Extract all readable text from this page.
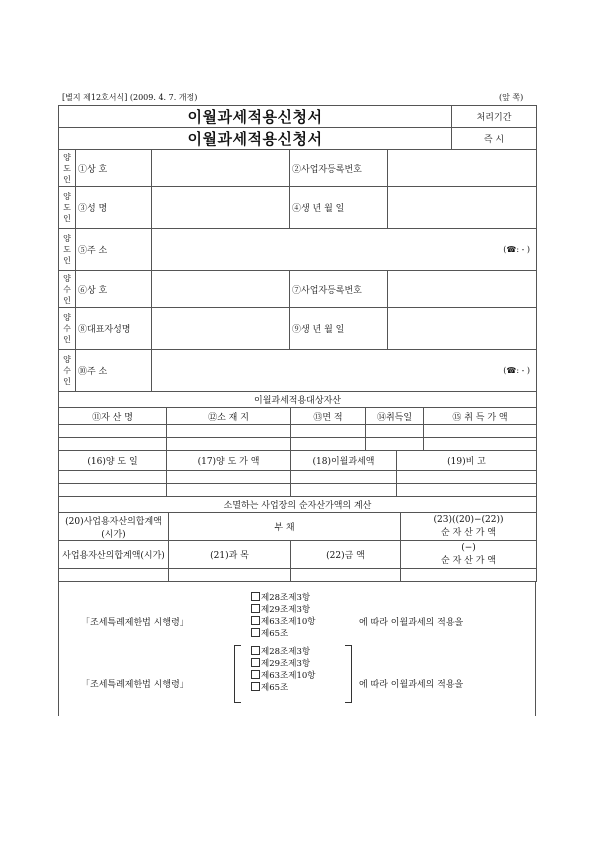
[별지 제12호서식] (2009. 4. 7. 개정)	(앞 쪽)
이월과세적용신청서	처리기간
이월과세적용신청서	즉 시
양
도
인	①상 호		②사업자등록번호	
양
도
인	③성 명		④생 년 월 일	
양
도
인	⑤주 소	(☎: - )		
양
수
인	⑥상 호		⑦사업자등록번호	
양
수
인	⑧대표자성명		⑨생 년 월 일	
양
수
인	⑩주 소	(☎: - )		
이월과세적용대상자산				
⑪자 산 명	⑫소 재 지	⑬면 적	⑭취득일	⑮ 취 득 가 액

(16)양 도 일	(17)양 도 가 액	(18)이월과세액	(19)비 고

소멸하는 사업장의 순자산가액의 계산			
(20)사업용자산의합계액(시가)	부 채		(23)((20)−(22))
순 자 산 가 액
사업용자산의합계액(시가)	(21)과 목	(22)금 액	(−)
순 자 산 가 액

「조세특례제한법 시행령」
제28조제3항
제29조제3항
제63조제10항
제65조
에 따라 이월과세의 적용을
「조세특례제한법 시행령」
제28조제3항
제29조제3항
제63조제10항
제65조	에 따라 이월과세의 적용을
